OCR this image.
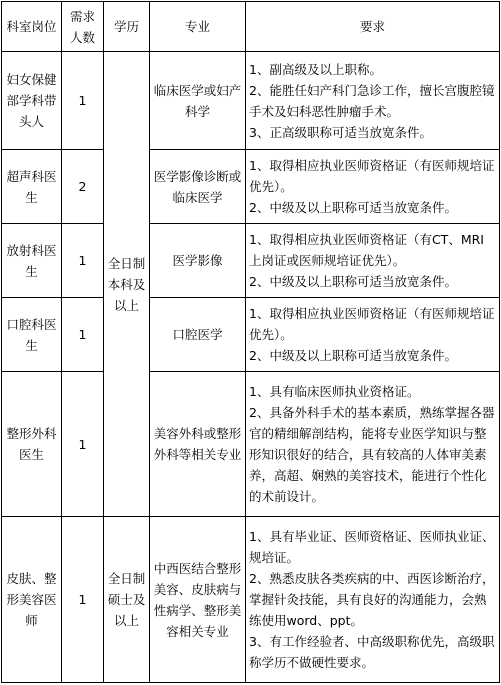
科室岗位	需求人数	学历	专业	要求
妇女保健部学科带头人	1	全日制本科及以上	临床医学或妇产科学	1、副高级及以上职称。
2、能胜任妇产科门急诊工作，擅长宫腹腔镜手术及妇科恶性肿瘤手术。
3、正高级职称可适当放宽条件。

超声科医生	2		医学影像诊断或临床医学	1、取得相应执业医师资格证（有医师规培证优先）。
2、中级及以上职称可适当放宽条件。

放射科医生	1		医学影像	1、取得相应执业医师资格证（有CT、MRI上岗证或医师规培证优先）。
2、中级及以上职称可适当放宽条件。

口腔科医生	1		口腔医学	1、取得相应执业医师资格证（有医师规培证优先）。
2、中级及以上职称可适当放宽条件。

整形外科医生	1		美容外科或整形外科等相关专业	1、具有临床医师执业资格证。
2、具备外科手术的基本素质，熟练掌握各器官的精细解剖结构，能将专业医学知识与整形知识很好的结合，具有较高的人体审美素养，高超、娴熟的美容技术，能进行个性化的术前设计。

皮肤、整形美容医师	1	全日制硕士及以上	中西医结合整形美容、皮肤病与性病学、整形美容相关专业	1、具有毕业证、医师资格证、医师执业证、规培证。
2、熟悉皮肤各类疾病的中、西医诊断治疗，掌握针灸技能，具有良好的沟通能力，会熟练使用word、ppt。
3、有工作经验者、中高级职称优先，高级职称学历不做硬性要求。
